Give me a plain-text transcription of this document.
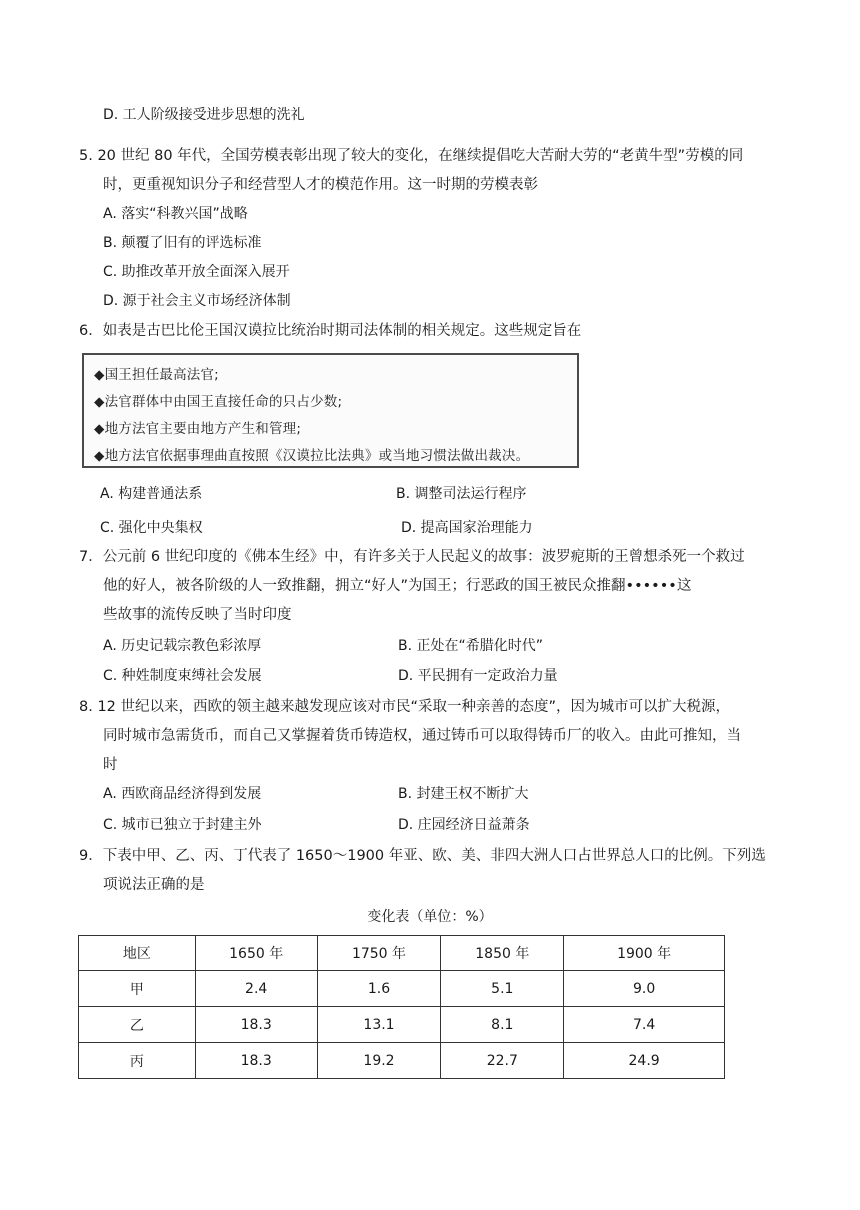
D. 工人阶级接受进步思想的洗礼
5. 20 世纪 80 年代，全国劳模表彰出现了较大的变化，在继续提倡吃大苦耐大劳的“老黄牛型”劳模的同
时，更重视知识分子和经营型人才的模范作用。这一时期的劳模表彰
A. 落实“科教兴国”战略
B. 颠覆了旧有的评选标准
C. 助推改革开放全面深入展开
D. 源于社会主义市场经济体制
6．如表是古巴比伦王国汉谟拉比统治时期司法体制的相关规定。这些规定旨在
◆国王担任最高法官;
◆法官群体中由国王直接任命的只占少数;
◆地方法官主要由地方产生和管理;
◆地方法官依据事理曲直按照《汉谟拉比法典》或当地习惯法做出裁决。
A. 构建普通法系	B. 调整司法运行程序
C. 强化中央集权	D. 提高国家治理能力
7．公元前 6 世纪印度的《佛本生经》中，有许多关于人民起义的故事：波罗痆斯的王曾想杀死一个救过
他的好人，被各阶级的人一致推翻，拥立“好人”为国王；行恶政的国王被民众推翻••••••这
些故事的流传反映了当时印度
A. 历史记载宗教色彩浓厚	B. 正处在“希腊化时代”
C. 种姓制度束缚社会发展	D. 平民拥有一定政治力量
8. 12 世纪以来，西欧的领主越来越发现应该对市民“采取一种亲善的态度”，因为城市可以扩大税源，
同时城市急需货币，而自己又掌握着货币铸造权，通过铸币可以取得铸币厂的收入。由此可推知，当
时
A. 西欧商品经济得到发展	B. 封建王权不断扩大
C. 城市已独立于封建主外	D. 庄园经济日益萧条
9．下表中甲、乙、丙、丁代表了 1650～1900 年亚、欧、美、非四大洲人口占世界总人口的比例。下列选
项说法正确的是
变化表（单位：%）
地区	1650 年	1750 年	1850 年	1900 年
甲	2.4	1.6	5.1	9.0
乙	18.3	13.1	8.1	7.4
丙	18.3	19.2	22.7	24.9
